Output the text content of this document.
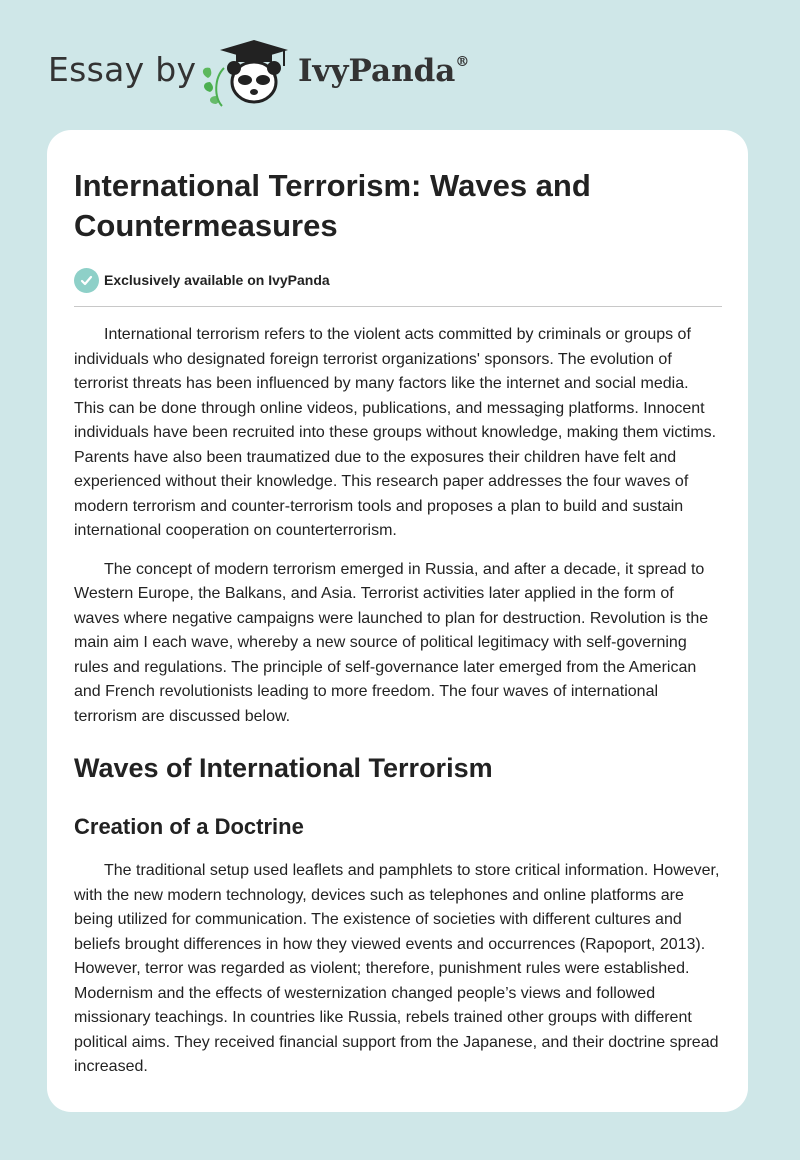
Essay by	IvyPanda®
International Terrorism: Waves and Countermeasures
Exclusively available on IvyPanda

International terrorism refers to the violent acts committed by criminals or groups of individuals who designated foreign terrorist organizations' sponsors. The evolution of terrorist threats has been influenced by many factors like the internet and social media. This can be done through online videos, publications, and messaging platforms. Innocent individuals have been recruited into these groups without knowledge, making them victims. Parents have also been traumatized due to the exposures their children have felt and experienced without their knowledge. This research paper addresses the four waves of modern terrorism and counter-terrorism tools and proposes a plan to build and sustain international cooperation on counterterrorism.

The concept of modern terrorism emerged in Russia, and after a decade, it spread to Western Europe, the Balkans, and Asia. Terrorist activities later applied in the form of waves where negative campaigns were launched to plan for destruction. Revolution is the main aim I each wave, whereby a new source of political legitimacy with self-governing rules and regulations. The principle of self-governance later emerged from the American and French revolutionists leading to more freedom. The four waves of international terrorism are discussed below.

Waves of International Terrorism
Creation of a Doctrine

The traditional setup used leaflets and pamphlets to store critical information. However, with the new modern technology, devices such as telephones and online platforms are being utilized for communication. The existence of societies with different cultures and beliefs brought differences in how they viewed events and occurrences (Rapoport, 2013). However, terror was regarded as violent; therefore, punishment rules were established. Modernism and the effects of westernization changed people’s views and followed missionary teachings. In countries like Russia, rebels trained other groups with different political aims. They received financial support from the Japanese, and their doctrine spread increased.
